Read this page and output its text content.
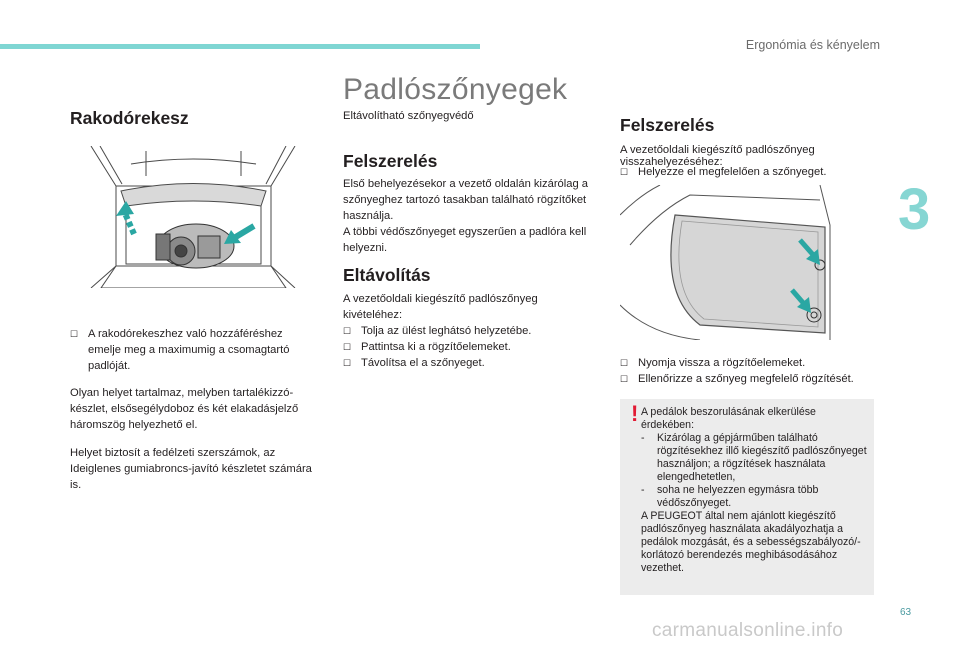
Ergonómia és kényelem
3
63
carmanualsonline.info
Rakodórekesz
☐ A rakodórekeszhez való hozzáféréshez emelje meg a maximumig a csomagtartó padlóját.

Olyan helyet tartalmaz, melyben tartalékizzó-készlet, elsősegélydoboz és két elakadásjelző háromszög helyezhető el.

Helyet biztosít a fedélzeti szerszámok, az Ideiglenes gumiabroncs-javító készletet számára is.

Padlószőnyegek

Eltávolítható szőnyegvédő

Felszerelés

Első behelyezésekor a vezető oldalán kizárólag a szőnyeghez tartozó tasakban található rögzítőket használja.

A többi védőszőnyeget egyszerűen a padlóra kell helyezni.

Eltávolítás

A vezetőoldali kiegészítő padlószőnyeg kivételéhez:

☐ Tolja az ülést leghátsó helyzetébe.
☐ Pattintsa ki a rögzítőelemeket.
☐ Távolítsa el a szőnyeget.
Felszerelés

A vezetőoldali kiegészítő padlószőnyeg visszahelyezéséhez:

☐ Helyezze el megfelelően a szőnyeget.
☐ Nyomja vissza a rögzítőelemeket.
☐ Ellenőrizze a szőnyeg megfelelő rögzítését.
! A pedálok beszorulásának elkerülése érdekében:
-	Kizárólag a gépjárműben található rögzítésekhez illő kiegészítő padlószőnyeget használjon; a rögzítések használata elengedhetetlen,
-	soha ne helyezzen egymásra több védőszőnyeget.
A PEUGEOT által nem ajánlott kiegészítő padlószőnyeg használata akadályozhatja a pedálok mozgását, és a sebességszabályozó/-korlátozó berendezés meghibásodásához vezethet.
